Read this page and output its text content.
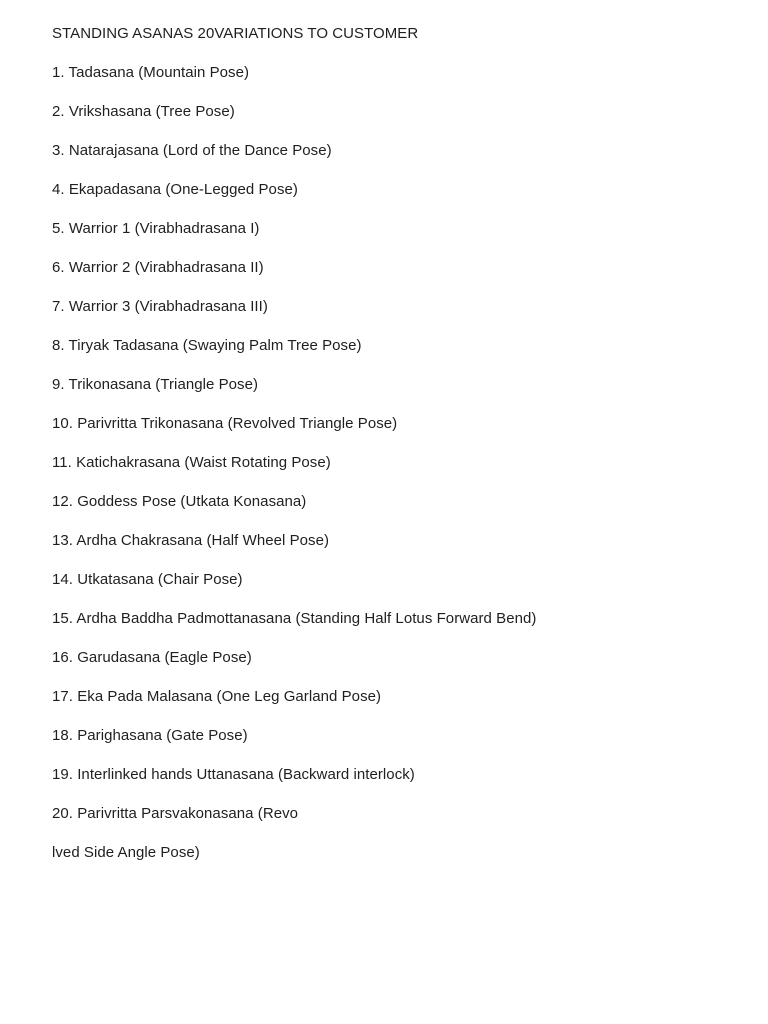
STANDING ASANAS 20VARIATIONS TO CUSTOMER
1. Tadasana (Mountain Pose)
2. Vrikshasana (Tree Pose)
3. Natarajasana (Lord of the Dance Pose)
4. Ekapadasana (One-Legged Pose)
5. Warrior 1 (Virabhadrasana I)
6. Warrior 2 (Virabhadrasana II)
7. Warrior 3 (Virabhadrasana III)
8. Tiryak Tadasana (Swaying Palm Tree Pose)
9. Trikonasana (Triangle Pose)
10. Parivritta Trikonasana (Revolved Triangle Pose)
11. Katichakrasana (Waist Rotating Pose)
12. Goddess Pose (Utkata Konasana)
13. Ardha Chakrasana (Half Wheel Pose)
14. Utkatasana (Chair Pose)
15. Ardha Baddha Padmottanasana (Standing Half Lotus Forward Bend)
16. Garudasana (Eagle Pose)
17. Eka Pada Malasana (One Leg Garland Pose)
18. Parighasana (Gate Pose)
19. Interlinked hands Uttanasana (Backward interlock)
20. Parivritta Parsvakonasana (Revo
lved Side Angle Pose)
